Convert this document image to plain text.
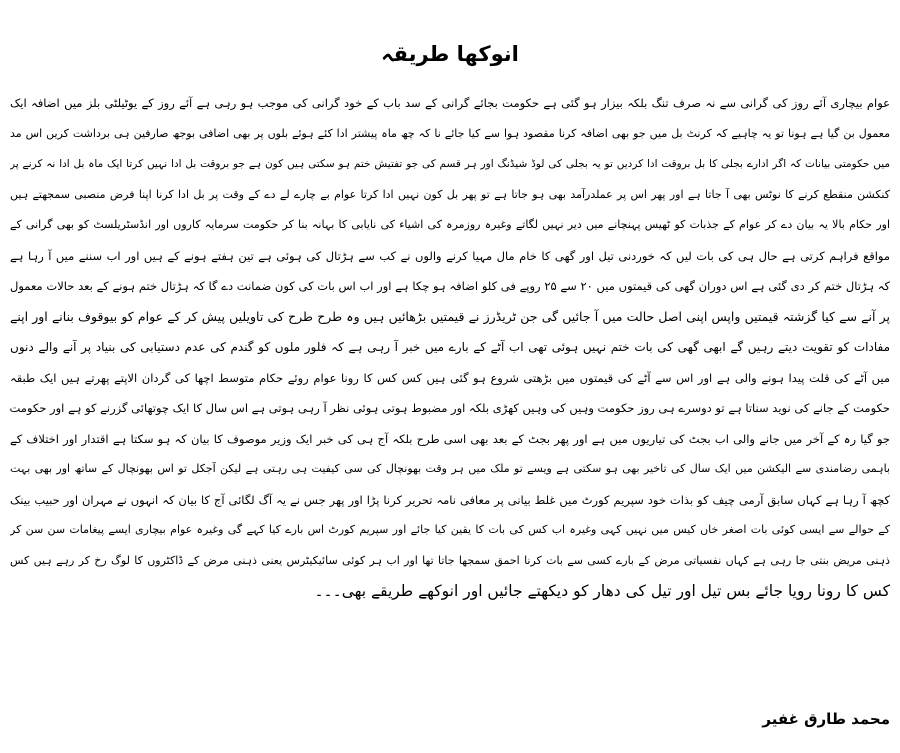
انوکھا طریقہ
عوام بیچاری آئے روز کی گرانی سے نہ صرف تنگ بلکہ بیزار ہو گئی ہے حکومت بجائے گرانی کے سد باب کے خود گرانی کی موجب ہو رہی ہے آئے روز کے یوٹیلٹی بلز میں اضافہ ایک
معمول بن گیا ہے ہونا تو یہ چاہیے کہ کرنٹ بل میں جو بھی اضافہ کرنا مقصود ہوا سے کیا جائے نا کہ چھ ماہ پیشتر ادا کئے ہوئے بلوں پر بھی اضافی بوجھ صارفین ہی برداشت کریں اس مد
میں حکومتی بیانات کہ اگر ادارے بجلی کا بل بروقت ادا کردیں تو یہ بجلی کی لوڈ شیڈنگ اور ہر قسم کی جو تفتیش ختم ہو سکتی ہیں کون ہے جو بروقت بل ادا نہیں کرتا ایک ماہ بل ادا نہ کرنے پر
کنکشن منقطع کرنے کا نوٹس بھی آ جاتا ہے اور پھر اس پر عملدرآمد بھی ہو جاتا ہے تو پھر بل کون نہیں ادا کرتا عوام بے چارے لے دے کے وقت پر بل ادا کرنا اپنا فرض منصبی سمجھتے ہیں
اور حکام بالا یہ بیان دے کر عوام کے جذبات کو ٹھیس پہنچانے میں دیر نہیں لگاتے وغیرہ روزمرہ کی اشیاء کی نایابی کا بہانہ بنا کر حکومت سرمایہ کاروں اور انڈسٹریلسٹ کو بھی گرانی کے
مواقع فراہم کرتی ہے حال ہی کی بات لیں کہ خوردنی تیل اور گھی کا خام مال مہیا کرنے والوں نے کب سے ہڑتال کی ہوئی ہے تین ہفتے ہونے کے ہیں اور اب سننے میں آ رہا ہے
کہ ہڑتال ختم کر دی گئی ہے اس دوران گھی کی قیمتوں میں ۲۰ سے ۲۵ روپے فی کلو اضافہ ہو چکا ہے اور اب اس بات کی کون ضمانت دے گا کہ ہڑتال ختم ہونے کے بعد حالات معمول
پر آنے سے کیا گزشتہ قیمتیں واپس اپنی اصل حالت میں آ جائیں گی جن ٹریڈرز نے قیمتیں بڑھائیں ہیں وہ طرح طرح کی تاویلیں پیش کر کے عوام کو بیوقوف بنانے اور اپنے
مفادات کو تقویت دیتے رہیں گے ابھی گھی کی بات ختم نہیں ہوئی تھی اب آٹے کے بارے میں خبر آ رہی ہے کہ فلور ملوں کو گندم کی عدم دستیابی کی بنیاد پر آنے والے دنوں
میں آٹے کی قلت پیدا ہونے والی ہے اور اس سے آٹے کی قیمتوں میں بڑھتی شروع ہو گئی ہیں کس کس کا رونا عوام روئے حکام متوسط اچھا کی گردان الاپتے پھرتے ہیں ایک طبقہ
حکومت کے جانے کی نوید سناتا ہے تو دوسرے ہی روز حکومت وہیں کی وہیں کھڑی بلکہ اور مضبوط ہوتی ہوئی نظر آ رہی ہوتی ہے اس سال کا ایک چوتھائی گزرنے کو ہے اور حکومت
جو گیا رہ کے آخر میں جانے والی اب بجٹ کی تیاریوں میں ہے اور پھر بجٹ کے بعد بھی اسی طرح بلکہ آج ہی کی خبر ایک وزیر موصوف کا بیان کہ ہو سکتا ہے اقتدار اور اختلاف کے
باہمی رضامندی سے الیکشن میں ایک سال کی تاخیر بھی ہو سکتی ہے ویسے تو ملک میں ہر وقت بھونچال کی سی کیفیت ہی رہتی ہے لیکن آجکل تو اس بھونچال کے ساتھ اور بھی بہت
کچھ آ رہا ہے کہاں سابق آرمی چیف کو بذات خود سپریم کورٹ میں غلط بیانی پر معافی نامہ تحریر کرنا پڑا اور پھر جس نے یہ آگ لگائی آج کا بیان کہ انہوں نے مہران اور حبیب بینک
کے حوالے سے ایسی کوئی بات اصغر خاں کیس میں نہیں کہی وغیرہ اب کس کی بات کا یقین کیا جائے اور سپریم کورٹ اس بارے کیا کہے گی وغیرہ عوام بیچاری ایسے پیغامات سن سن کر
ذہنی مریض بنتی جا رہی ہے کہاں نفسیاتی مرض کے بارے کسی سے بات کرنا احمق سمجھا جاتا تھا اور اب ہر کوئی سائیکیٹرس یعنی ذہنی مرض کے ڈاکٹروں کا لوگ رخ کر رہے ہیں کس
کس کا رونا رویا جائے بس تیل اور تیل کی دھار کو دیکھتے جائیں اور انوکھے طریقے بھی۔۔۔
محمد طارق غفیر
